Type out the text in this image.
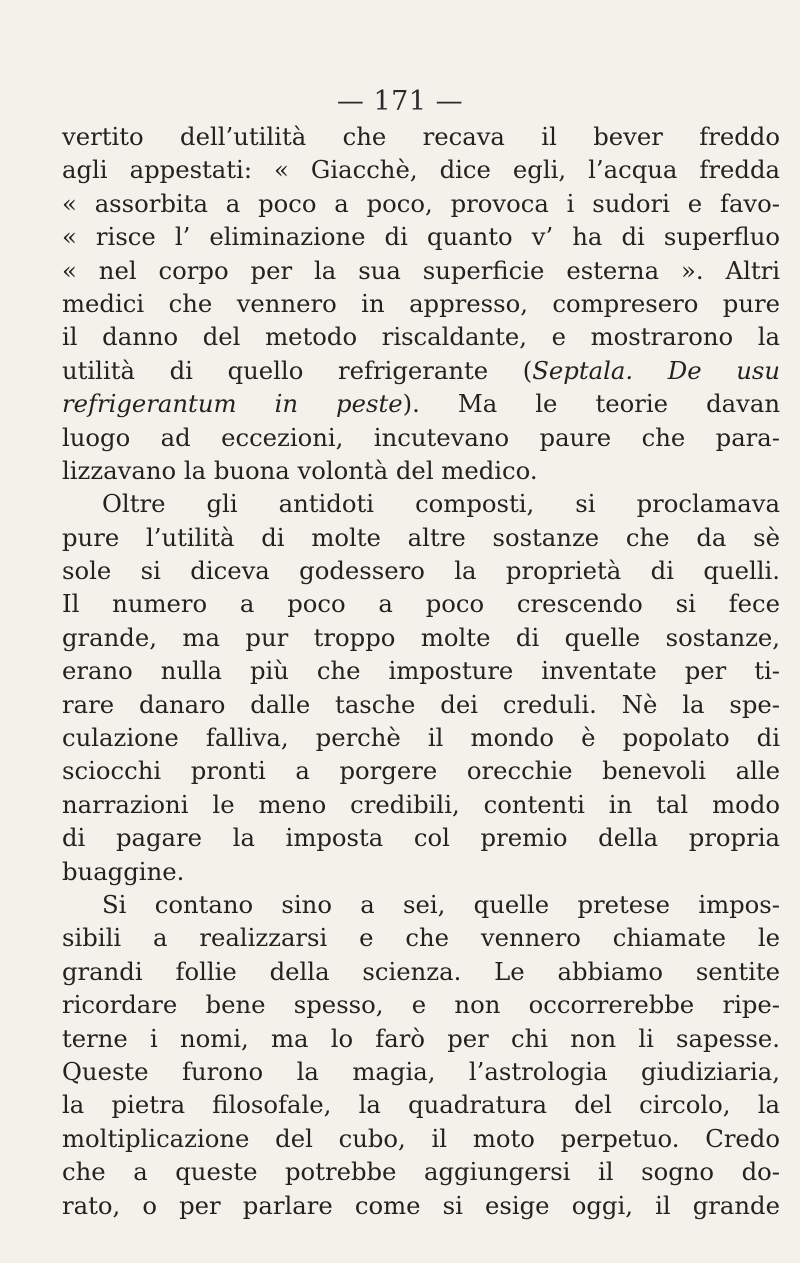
— 171 —
vertito dell’utilità che recava il bever freddo
agli appestati: « Giacchè, dice egli, l’acqua fredda
« assorbita a poco a poco, provoca i sudori e favo-
« risce l’ eliminazione di quanto v’ ha di superfluo
« nel corpo per la sua superficie esterna ». Altri
medici che vennero in appresso, compresero pure
il danno del metodo riscaldante, e mostrarono la
utilità di quello refrigerante (Septala. De usu
refrigerantum in peste). Ma le teorie davan
luogo ad eccezioni, incutevano paure che para-
lizzavano la buona volontà del medico.
Oltre gli antidoti composti, si proclamava
pure l’utilità di molte altre sostanze che da sè
sole si diceva godessero la proprietà di quelli.
Il numero a poco a poco crescendo si fece
grande, ma pur troppo molte di quelle sostanze,
erano nulla più che imposture inventate per ti-
rare danaro dalle tasche dei creduli. Nè la spe-
culazione falliva, perchè il mondo è popolato di
sciocchi pronti a porgere orecchie benevoli alle
narrazioni le meno credibili, contenti in tal modo
di pagare la imposta col premio della propria
buaggine.
Si contano sino a sei, quelle pretese impos-
sibili a realizzarsi e che vennero chiamate le
grandi follie della scienza. Le abbiamo sentite
ricordare bene spesso, e non occorrerebbe ripe-
terne i nomi, ma lo farò per chi non li sapesse.
Queste furono la magia, l’astrologia giudiziaria,
la pietra filosofale, la quadratura del circolo, la
moltiplicazione del cubo, il moto perpetuo. Credo
che a queste potrebbe aggiungersi il sogno do-
rato, o per parlare come si esige oggi, il grande
